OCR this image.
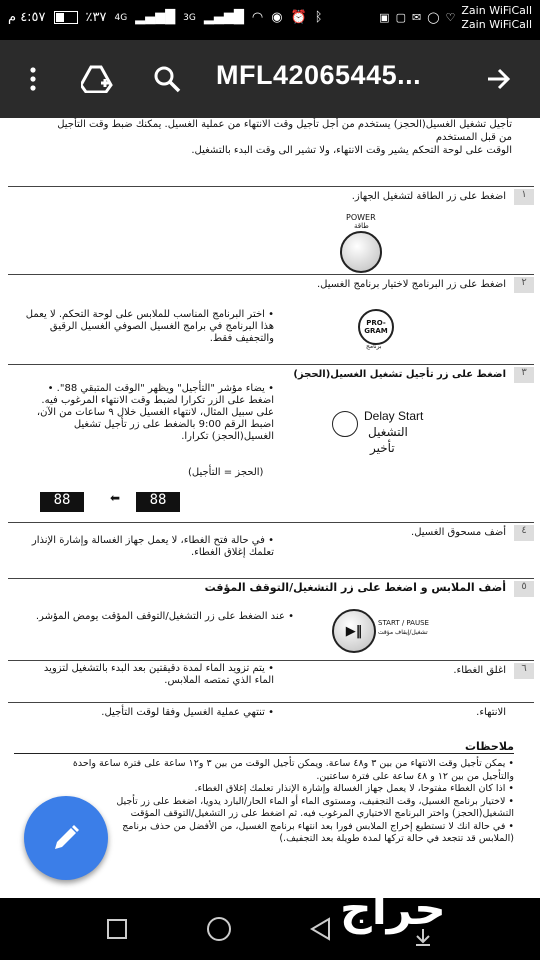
٤:٥٧ م	٪٣٧ 4G ▂▄▆█ 3G ▂▄▆█ ◠ ◉ ⏰ ᛒ	▣ ▢ ✉ ◯ ♡
Zain WiFiCall
Zain WiFiCall
تأجيل تشغيل الغسيل(الحجز) يستخدم من أجل تأجيل وقت الانتهاء من عملية الغسيل. يمكنك ضبط وقت التأجيل
من قبل المستخدم
الوقت على لوحة التحكم يشير وقت الانتهاء، ولا تشير الى وقت البدء بالتشغيل.
١
اضغط على زر الطاقة لتشغيل الجهاز.
POWER
طاقة
٢
اضغط على زر البرنامج لاختيار برنامج الغسيل.
PRO-
GRAM
برنامج
• اختر البرنامج المناسب للملابس على لوحة التحكم. لا يعمل هذا البرنامج في برامج الغسيل الصوفي الغسيل الرقيق والتجفيف فقط.
٣
اضغط على زر تأجيل تشغيل الغسيل(الحجز)
Delay Start
التشغيل
تأخير
• يضاء مؤشر "التأجيل" ويظهر "الوقت المتبقي 88". • اضغط على الزر تكرارا لضبط وقت الانتهاء المرغوب فيه. على سبيل المثال، لانتهاء الغسيل خلال ٩ ساعات من الآن، اضبط الرقم 9:00 بالضغط على زر تأجيل تشغيل الغسيل(الحجز) تكرارا.
(الحجز = التأجيل)
88
⬅
88
٤
أضف مسحوق الغسيل.
• في حالة فتح الغطاء، لا يعمل جهاز الغسالة وإشارة الإنذار تعلمك إغلاق الغطاء.
٥
أضف الملابس و اضغط على زر التشغيل/التوقف المؤقت
▶‖
START / PAUSE
تشغيل/إيقاف مؤقت
• عند الضغط على زر التشغيل/التوقف المؤقت يومض المؤشر.
٦
اغلق الغطاء.
• يتم تزويد الماء لمدة دقيقتين بعد البدء بالتشغيل لتزويد الماء الذي تمتصه الملابس.
الانتهاء.
• تنتهي عملية الغسيل وفقا لوقت التأجيل.
ملاحظات
• يمكن تأجيل وقت الانتهاء من بين ٣ و٤٨ ساعة. ويمكن تأجيل الوقت من بين ٣ و١٢ ساعة على فترة ساعة واحدة
والتأجيل من بين ١٢ و ٤٨ ساعة على فترة ساعتين.
• اذا كان الغطاء مفتوحا، لا يعمل جهاز الغسالة وإشارة الإنذار تعلمك إغلاق الغطاء.
• لاختيار برنامج الغسيل، وقت التجفيف، ومستوى الماء أو الماء الحار/البارد يدويا، اضغط على زر تأجيل
التشغيل(الحجز) واختر البرنامج الاختياري المرغوب فيه. ثم اضغط على زر التشغيل/التوقف المؤقت
• في حالة انك لا تستطيع إخراج الملابس فورا بعد انتهاء برنامج الغسيل، من الأفضل من حذف برنامج
(الملابس قد تتجعد في حالة تركها لمدة طويلة بعد التجفيف.)
MFL42065445...
حراج
